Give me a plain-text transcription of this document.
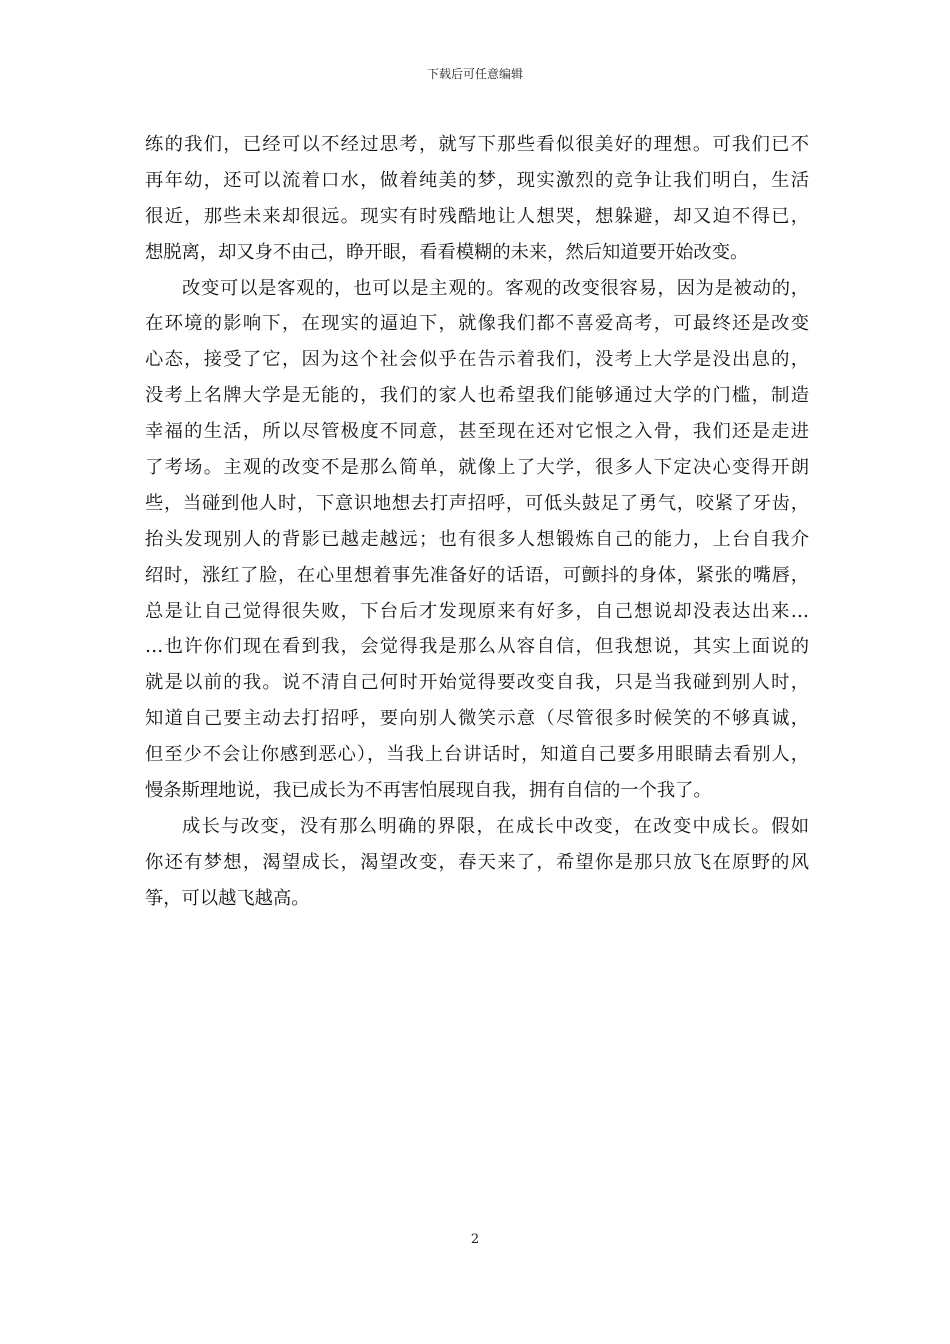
下载后可任意编辑
练的我们，已经可以不经过思考，就写下那些看似很美好的理想。可我们已不
再年幼，还可以流着口水，做着纯美的梦，现实激烈的竞争让我们明白，生活
很近，那些未来却很远。现实有时残酷地让人想哭，想躲避，却又迫不得已，
想脱离，却又身不由己，睁开眼，看看模糊的未来，然后知道要开始改变。
改变可以是客观的，也可以是主观的。客观的改变很容易，因为是被动的，
在环境的影响下，在现实的逼迫下，就像我们都不喜爱高考，可最终还是改变
心态，接受了它，因为这个社会似乎在告示着我们，没考上大学是没出息的，
没考上名牌大学是无能的，我们的家人也希望我们能够通过大学的门槛，制造
幸福的生活，所以尽管极度不同意，甚至现在还对它恨之入骨，我们还是走进
了考场。主观的改变不是那么简单，就像上了大学，很多人下定决心变得开朗
些，当碰到他人时，下意识地想去打声招呼，可低头鼓足了勇气，咬紧了牙齿，
抬头发现别人的背影已越走越远；也有很多人想锻炼自己的能力，上台自我介
绍时，涨红了脸，在心里想着事先准备好的话语，可颤抖的身体，紧张的嘴唇，
总是让自己觉得很失败，下台后才发现原来有好多，自己想说却没表达出来…
…也许你们现在看到我，会觉得我是那么从容自信，但我想说，其实上面说的
就是以前的我。说不清自己何时开始觉得要改变自我，只是当我碰到别人时，
知道自己要主动去打招呼，要向别人微笑示意（尽管很多时候笑的不够真诚，
但至少不会让你感到恶心），当我上台讲话时，知道自己要多用眼睛去看别人，
慢条斯理地说，我已成长为不再害怕展现自我，拥有自信的一个我了。
成长与改变，没有那么明确的界限，在成长中改变，在改变中成长。假如
你还有梦想，渴望成长，渴望改变，春天来了，希望你是那只放飞在原野的风
筝，可以越飞越高。
2
